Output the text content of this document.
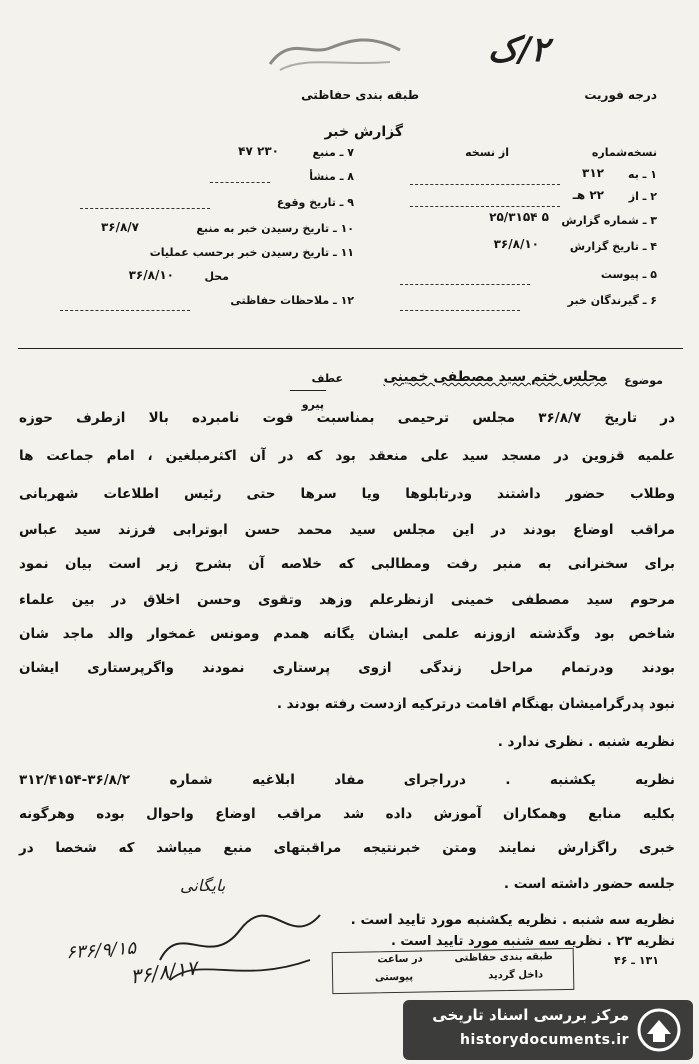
طبقه بندی حفاظتی
۲/ک
درجه فوریت
گزارش خبر
نسخه‌شماره
از نسخه
۱ ـ به
۳۱۲
۲ ـ از
۲۲ هـ
۳ ـ شماره گزارش
۵ ۲۵/۳۱۵۴
۴ ـ تاریخ گزارش
۳۶/۸/۱۰
۵ ـ پیوست
۶ ـ گیرندگان خبر
۷ ـ منبع
۲۳۰ ۴۷
۸ ـ منشأ
۹ ـ تاریخ وقوع
۱۰ ـ تاریخ رسیدن خبر به منبع
۳۶/۸/۷
۱۱ ـ تاریخ رسیدن خبر برحسب عملیات
محل
۳۶/۸/۱۰
۱۲ ـ ملاحظات حفاظتی
موضوع
مجلس ختم سید مصطفی خمینی
عطف
پیرو
در تاریخ ۳۶/۸/۷ مجلس ترحیمی بمناسبت فوت نامبرده بالا ازطرف حوزه
علمیه قزوین در مسجد سید علی منعقد بود که در آن اکثرمبلغین ، امام جماعت ها
وطلاب حضور داشتند ودرتابلوها ویا سرها حتی رئیس اطلاعات شهربانی
مراقب اوضاع بودند در این مجلس سید محمد حسن ابوترابی فرزند سید عباس
برای سخنرانی به منبر رفت ومطالبی که خلاصه آن بشرح زیر است بیان نمود
مرحوم سید مصطفی خمینی ازنظرعلم وزهد وتقوی وحسن اخلاق در بین علماء
شاخص بود وگذشته ازوزنه علمی ایشان یگانه همدم ومونس غمخوار والد ماجد شان
بودند ودرتمام مراحل زندگی ازوی پرستاری نمودند واگرپرستاری ایشان
نبود پدرگرامیشان بهنگام اقامت درترکیه ازدست رفته بودند .
نظریه شنبه . نظری ندارد .
نظریه یکشنبه . درراجرای مفاد ابلاغیه شماره ۳۶/۸/۲-۳۱۲/۴۱۵۴
بکلیه منابع وهمکاران آموزش داده شد مراقب اوضاع واحوال بوده وهرگونه
خبری راگزارش نمایند ومتن خبرنتیجه مراقبتهای منبع میباشد که شخصا در
جلسه حضور داشته است .
نظریه سه شنبه . نظریه یکشنبه مورد تایید است .
نظریه ۲۳ . نظریه سه شنبه مورد تایید است .
۱۳۱ ـ ۴۶
در ساعت	طبقه بندی حفاظتی
پیوستی	داخل گردید
بایگانی
۳۶/۸/۱۷
۶۳۶/۹/۱۵
مرکز بررسی اسناد تاریخی
historydocuments.ir
